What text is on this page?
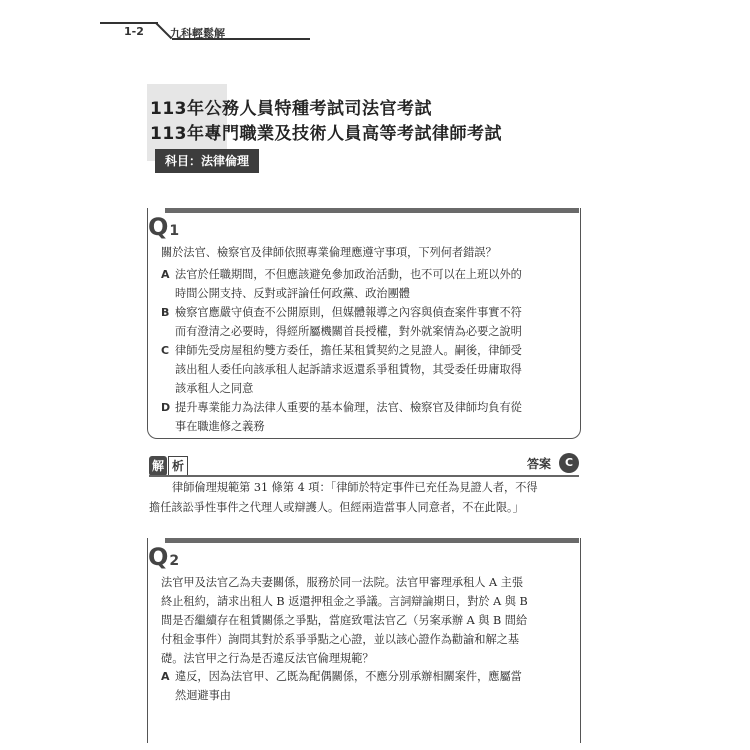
1-2 九科輕鬆解
113年公務人員特種考試司法官考試
113年專門職業及技術人員高等考試律師考試
科目：法律倫理
Q1
關於法官、檢察官及律師依照專業倫理應遵守事項，下列何者錯誤？
A 法官於任職期間，不但應該避免參加政治活動，也不可以在上班以外的
時間公開支持、反對或評論任何政黨、政治團體
B 檢察官應嚴守偵查不公開原則，但媒體報導之內容與偵查案件事實不符
而有澄清之必要時，得經所屬機關首長授權，對外就案情為必要之說明
C 律師先受房屋租約雙方委任，擔任某租賃契約之見證人。嗣後，律師受
該出租人委任向該承租人起訴請求返還系爭租賃物，其受委任毋庸取得
該承租人之同意
D 提升專業能力為法律人重要的基本倫理，法官、檢察官及律師均負有從
事在職進修之義務
解 析	答案	C
律師倫理規範第 31 條第 4 項：「律師於特定事件已充任為見證人者，不得
擔任該訟爭性事件之代理人或辯護人。但經兩造當事人同意者，不在此限。」
Q2
法官甲及法官乙為夫妻關係，服務於同一法院。法官甲審理承租人 A 主張
終止租約，請求出租人 B 返還押租金之爭議。言詞辯論期日，對於 A 與 B
間是否繼續存在租賃關係之爭點，當庭致電法官乙（另案承辦 A 與 B 間給
付租金事件）詢問其對於系爭爭點之心證，並以該心證作為勸諭和解之基
礎。法官甲之行為是否違反法官倫理規範？
A 違反，因為法官甲、乙既為配偶關係，不應分別承辦相關案件，應屬當
然迴避事由
